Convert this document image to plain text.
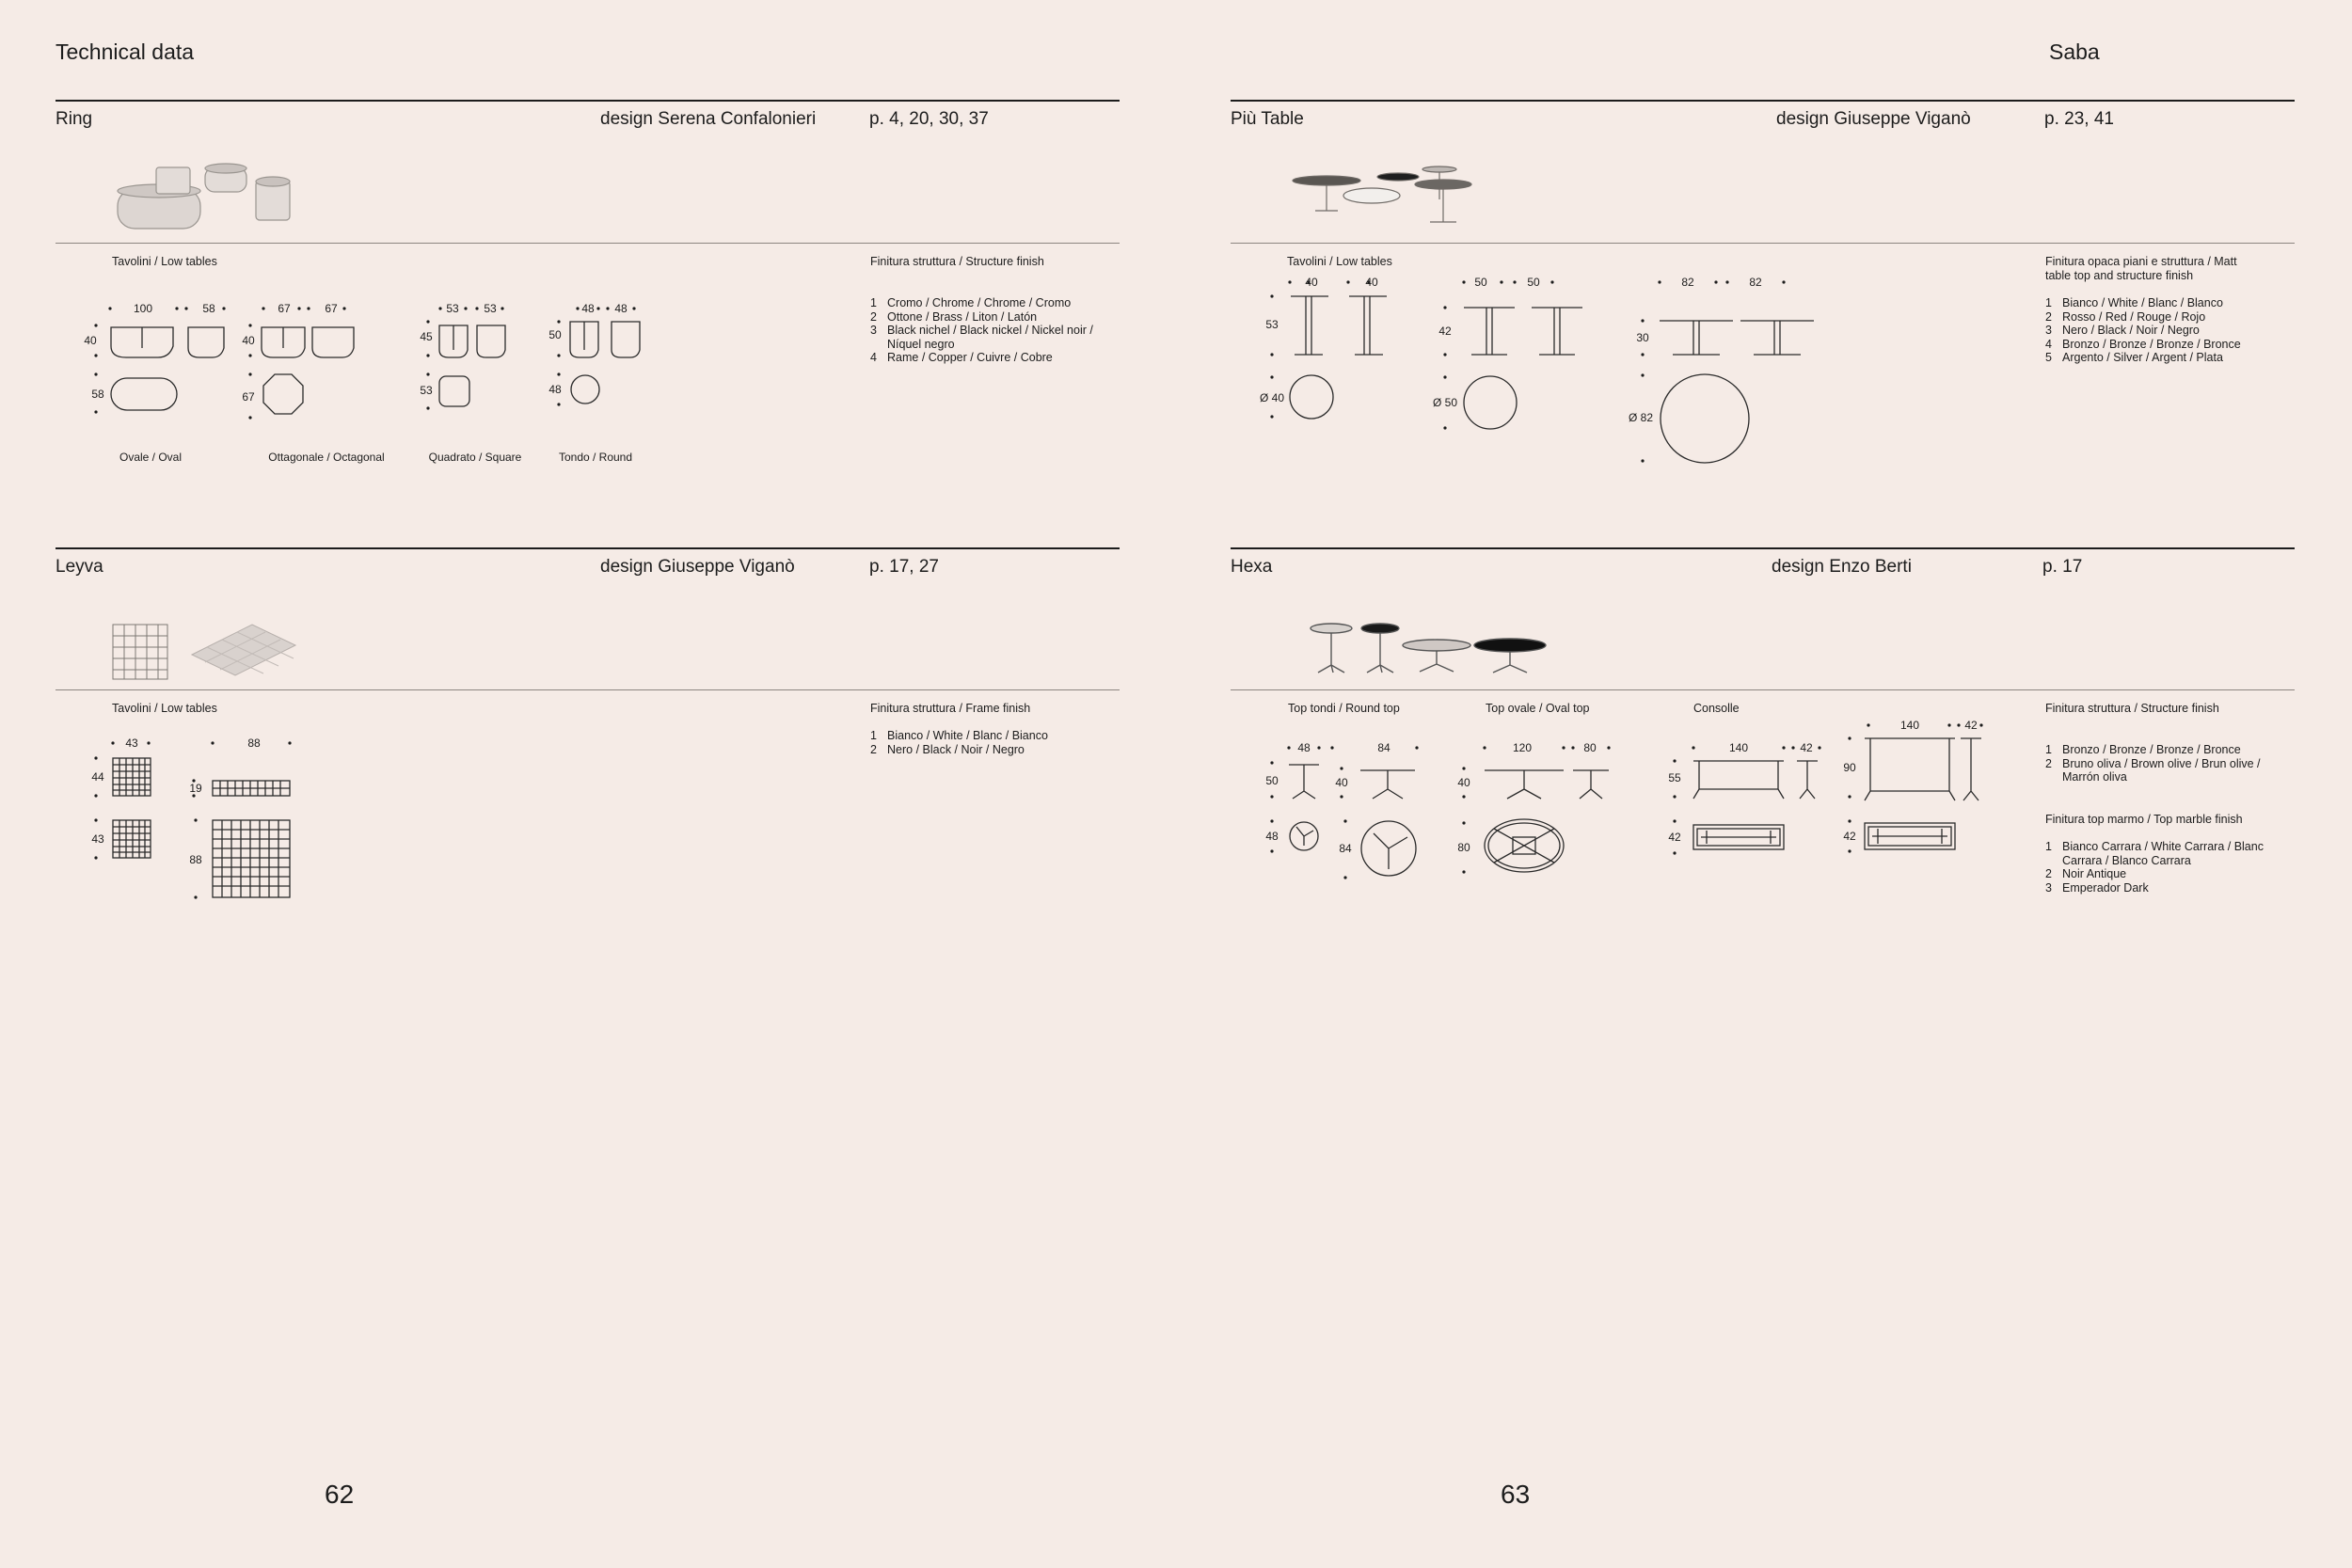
Technical data	Saba
Ring	design Serena Confalonieri	p. 4, 20, 30, 37
Tavolini / Low tables
100	58
40
58
Ovale / Oval
67	67
40
67
Ottagonale / Octagonal
53 53
45
53
Quadrato / Square
48 48
50
48
Tondo / Round
Finitura struttura / Structure finish
1 Cromo / Chrome / Chrome / Cromo
2 Ottone / Brass / Liton / Latón
3 Black nichel / Black nickel / Nickel noir / Níquel negro
4 Rame / Copper / Cuivre / Cobre
Più Table	design Giuseppe Viganò	p. 23, 41
Tavolini / Low tables
40	40
53
Ø 40
50	50
42
Ø 50
82	82
30
Ø 82
Finitura opaca piani e struttura / Matt table top and structure finish
1 Bianco / White / Blanc / Blanco
2 Rosso / Red / Rouge / Rojo
3 Nero / Black / Noir / Negro
4 Bronzo / Bronze / Bronze / Bronce
5 Argento / Silver / Argent / Plata
Leyva	design Giuseppe Viganò	p. 17, 27
Tavolini / Low tables
43	88
44
19
43
88
Finitura struttura / Frame finish
1 Bianco / White / Blanc / Bianco
2 Nero / Black / Noir / Negro
Hexa	design Enzo Berti	p. 17
Top tondi / Round top	Top ovale / Oval top	Consolle
48	84
50	40
48
84
120	80
40
80
140	42
55
42
140	42
90
42
Finitura struttura / Structure finish
1 Bronzo / Bronze / Bronze / Bronce
2 Bruno oliva / Brown olive / Brun olive / Marrón oliva
Finitura top marmo / Top marble finish
1 Bianco Carrara / White Carrara / Blanc Carrara / Blanco Carrara
2 Noir Antique
3 Emperador Dark
62	63
